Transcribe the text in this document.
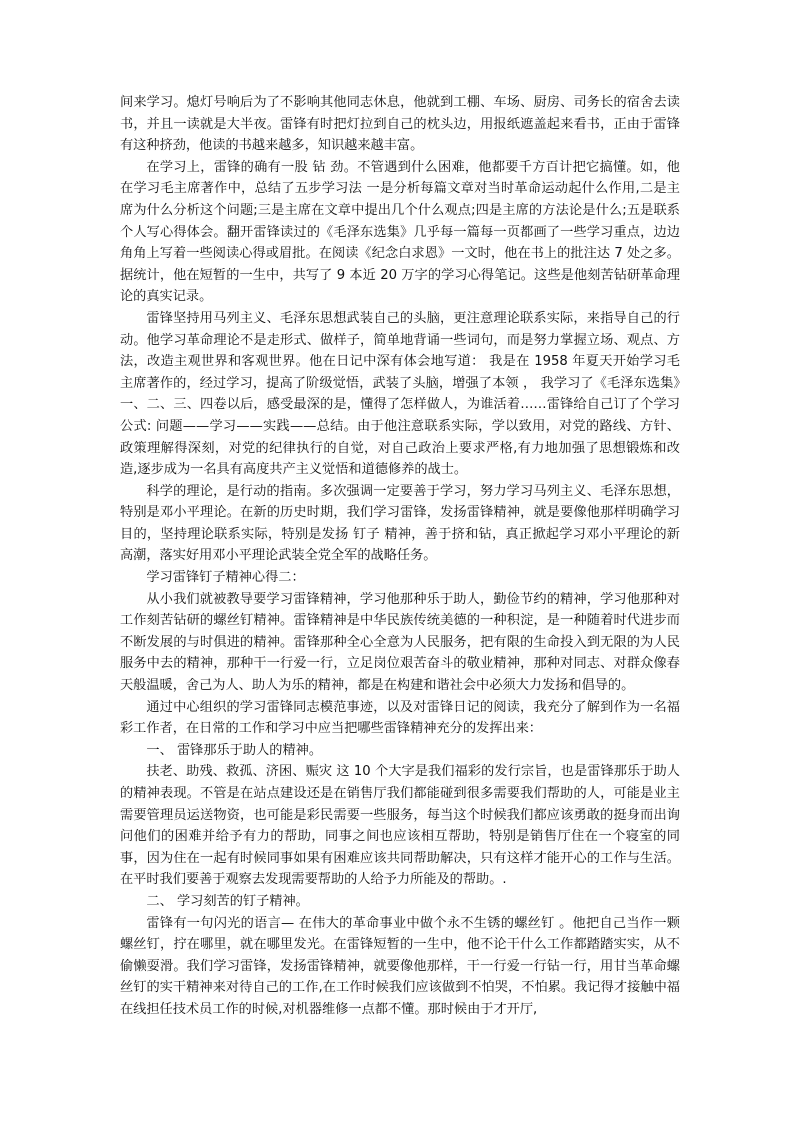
间来学习。熄灯号响后为了不影响其他同志休息，他就到工棚、车场、厨房、司务长的宿舍去读书，并且一读就是大半夜。雷锋有时把灯拉到自己的枕头边，用报纸遮盖起来看书，正由于雷锋有这种挤劲，他读的书越来越多，知识越来越丰富。

在学习上，雷锋的确有一股 钻 劲。不管遇到什么困难，他都要千方百计把它搞懂。如，他在学习毛主席著作中，总结了五步学习法 一是分析每篇文章对当时革命运动起什么作用,二是主席为什么分析这个问题;三是主席在文章中提出几个什么观点;四是主席的方法论是什么;五是联系个人写心得体会。翻开雷锋读过的《毛泽东选集》几乎每一篇每一页都画了一些学习重点，边边角角上写着一些阅读心得或眉批。在阅读《纪念白求恩》一文时，他在书上的批注达 7 处之多。据统计，他在短暂的一生中，共写了 9 本近 20 万字的学习心得笔记。这些是他刻苦钻研革命理论的真实记录。

雷锋坚持用马列主义、毛泽东思想武装自己的头脑，更注意理论联系实际，来指导自己的行动。他学习革命理论不是走形式、做样子，简单地背诵一些词句，而是努力掌握立场、观点、方法，改造主观世界和客观世界。他在日记中深有体会地写道： 我是在 1958 年夏天开始学习毛主席著作的，经过学习，提高了阶级觉悟，武装了头脑，增强了本领 ， 我学习了《毛泽东选集》一、二、三、四卷以后，感受最深的是，懂得了怎样做人，为谁活着……雷锋给自己订了个学习公式: 问题——学习——实践——总结。由于他注意联系实际，学以致用，对党的路线、方针、政策理解得深刻，对党的纪律执行的自觉，对自己政治上要求严格,有力地加强了思想锻炼和改造,逐步成为一名具有高度共产主义觉悟和道德修养的战士。

科学的理论，是行动的指南。多次强调一定要善于学习，努力学习马列主义、毛泽东思想，特别是邓小平理论。在新的历史时期，我们学习雷锋，发扬雷锋精神，就是要像他那样明确学习目的，坚持理论联系实际，特别是发扬 钉子 精神，善于挤和钻，真正掀起学习邓小平理论的新高潮，落实好用邓小平理论武装全党全军的战略任务。

学习雷锋钉子精神心得二：

从小我们就被教导要学习雷锋精神，学习他那种乐于助人，勤俭节约的精神，学习他那种对工作刻苦钻研的螺丝钉精神。雷锋精神是中华民族传统美德的一种积淀，是一种随着时代进步而不断发展的与时俱进的精神。雷锋那种全心全意为人民服务，把有限的生命投入到无限的为人民服务中去的精神，那种干一行爱一行，立足岗位艰苦奋斗的敬业精神，那种对同志、对群众像春天般温暖，舍己为人、助人为乐的精神，都是在构建和谐社会中必须大力发扬和倡导的。

通过中心组织的学习雷锋同志模范事迹，以及对雷锋日记的阅读，我充分了解到作为一名福彩工作者，在日常的工作和学习中应当把哪些雷锋精神充分的发挥出来：

一、 雷锋那乐于助人的精神。

扶老、助残、救孤、济困、赈灾 这 10 个大字是我们福彩的发行宗旨，也是雷锋那乐于助人的精神表现。不管是在站点建设还是在销售厅我们都能碰到很多需要我们帮助的人，可能是业主需要管理员运送物资，也可能是彩民需要一些服务，每当这个时候我们都应该勇敢的挺身而出询问他们的困难并给予有力的帮助，同事之间也应该相互帮助，特别是销售厅住在一个寝室的同事，因为住在一起有时候同事如果有困难应该共同帮助解决，只有这样才能开心的工作与生活。在平时我们要善于观察去发现需要帮助的人给予力所能及的帮助。.

二、 学习刻苦的钉子精神。

雷锋有一句闪光的语言— 在伟大的革命事业中做个永不生锈的螺丝钉 。他把自己当作一颗螺丝钉，拧在哪里，就在哪里发光。在雷锋短暂的一生中，他不论干什么工作都踏踏实实，从不偷懒耍滑。我们学习雷锋，发扬雷锋精神，就要像他那样，干一行爱一行钻一行，用甘当革命螺丝钉的实干精神来对待自己的工作,在工作时候我们应该做到不怕哭，不怕累。我记得才接触中福在线担任技术员工作的时候,对机器维修一点都不懂。那时候由于才开厅,
